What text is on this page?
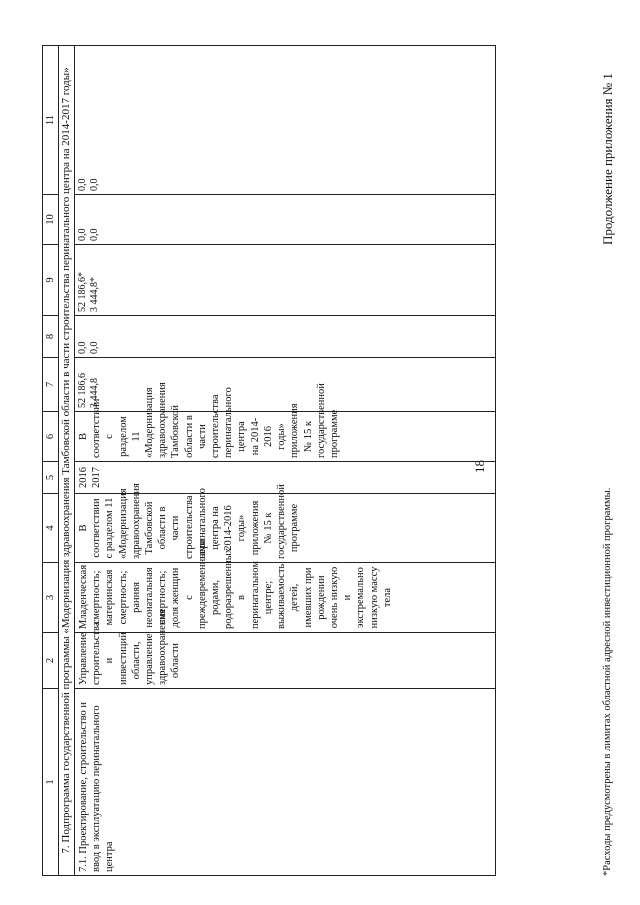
18
Продолжение приложения № 1
1	2	3	4	5	6	7	8	9	10	11
7. Подпрограмма государственной программы «Модернизация здравоохранения Тамбовской области в части строительства перинатального центра на 2014-2017 годы»										
7.1. Проектирование, строительство и ввод в эксплуатацию перинатального центра	Управление строительства и инвестиций области, управление здравоохранения области	Младенческая смертность; материнская смертность; ранняя неонатальная смертность; доля женщин с преждевременными родами, родоразрешенных в перинатальном центре; выживаемость детей, имевших при рождении очень низкую и экстремально низкую массу тела	В соответствии с разделом 11 «Модернизация здравоохранения Тамбовской области в части строительства перинатального центра на 2014-2016 годы» приложения № 15 к государственной программе	2016 2017	В соответствии с разделом 11 «Модернизация здравоохранения Тамбовской области в части строительства перинатального центра на 2014-2016 годы» приложения № 15 к государственной программе	52 186,6 3 444,8	0,0 0,0	52 186,6* 3 444,8*	0,0 0,0	0,0 0,0
*Расходы предусмотрены в лимитах областной адресной инвестиционной программы.
